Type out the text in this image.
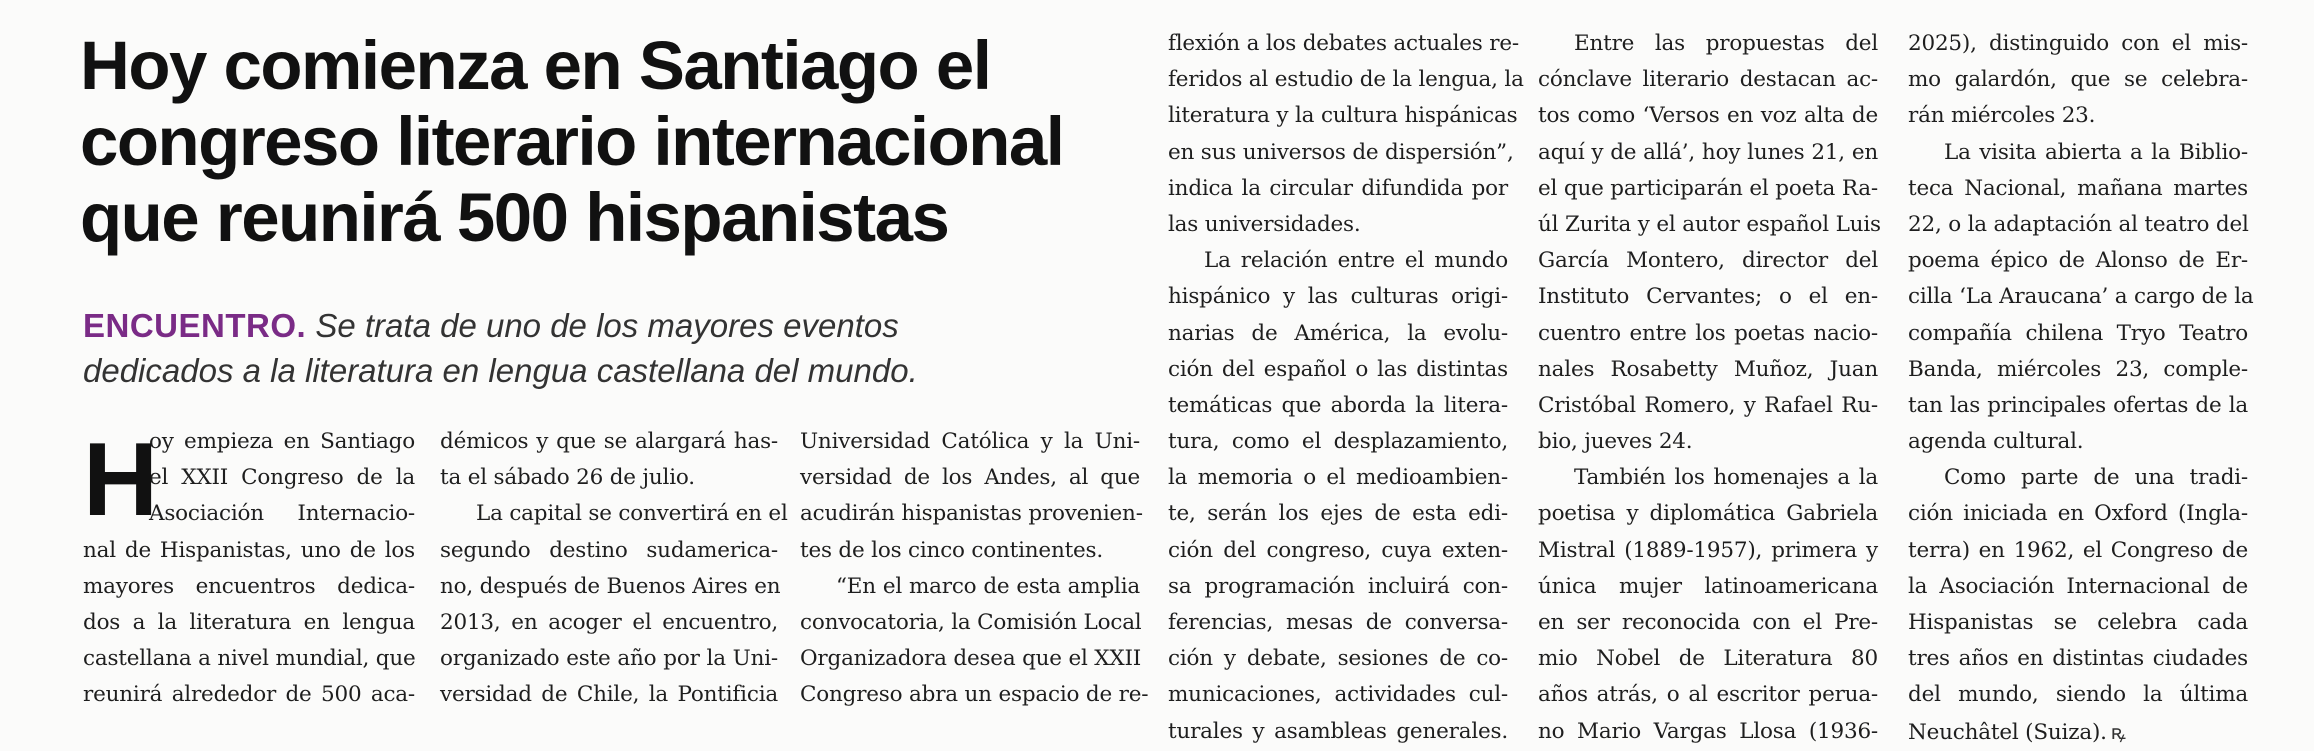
Hoy comienza en Santiago el
congreso literario internacional
que reunirá 500 hispanistas

ENCUENTRO. Se trata de uno de los mayores eventos
dedicados a la literatura en lengua castellana del mundo.

H
oy empieza en Santiago
el XXII Congreso de la
Asociación Internacio-
nal de Hispanistas, uno de los
mayores encuentros dedica-
dos a la literatura en lengua
castellana a nivel mundial, que
reunirá alrededor de 500 aca-
démicos y que se alargará has-
ta el sábado 26 de julio.
La capital se convertirá en el
segundo destino sudamerica-
no, después de Buenos Aires en
2013, en acoger el encuentro,
organizado este año por la Uni-
versidad de Chile, la Pontificia
Universidad Católica y la Uni-
versidad de los Andes, al que
acudirán hispanistas provenien-
tes de los cinco continentes.
“En el marco de esta amplia
convocatoria, la Comisión Local
Organizadora desea que el XXII
Congreso abra un espacio de re-
flexión a los debates actuales re-
feridos al estudio de la lengua, la
literatura y la cultura hispánicas
en sus universos de dispersión”,
indica la circular difundida por
las universidades.
La relación entre el mundo
hispánico y las culturas origi-
narias de América, la evolu-
ción del español o las distintas
temáticas que aborda la litera-
tura, como el desplazamiento,
la memoria o el medioambien-
te, serán los ejes de esta edi-
ción del congreso, cuya exten-
sa programación incluirá con-
ferencias, mesas de conversa-
ción y debate, sesiones de co-
municaciones, actividades cul-
turales y asambleas generales.
Entre las propuestas del
cónclave literario destacan ac-
tos como ‘Versos en voz alta de
aquí y de allá’, hoy lunes 21, en
el que participarán el poeta Ra-
úl Zurita y el autor español Luis
García Montero, director del
Instituto Cervantes; o el en-
cuentro entre los poetas nacio-
nales Rosabetty Muñoz, Juan
Cristóbal Romero, y Rafael Ru-
bio, jueves 24.
También los homenajes a la
poetisa y diplomática Gabriela
Mistral (1889-1957), primera y
única mujer latinoamericana
en ser reconocida con el Pre-
mio Nobel de Literatura 80
años atrás, o al escritor perua-
no Mario Vargas Llosa (1936-
2025), distinguido con el mis-
mo galardón, que se celebra-
rán miércoles 23.
La visita abierta a la Biblio-
teca Nacional, mañana martes
22, o la adaptación al teatro del
poema épico de Alonso de Er-
cilla ‘La Araucana’ a cargo de la
compañía chilena Tryo Teatro
Banda, miércoles 23, comple-
tan las principales ofertas de la
agenda cultural.
Como parte de una tradi-
ción iniciada en Oxford (Ingla-
terra) en 1962, el Congreso de
la Asociación Internacional de
Hispanistas se celebra cada
tres años en distintas ciudades
del mundo, siendo la última
Neuchâtel (Suiza). ꝶ
